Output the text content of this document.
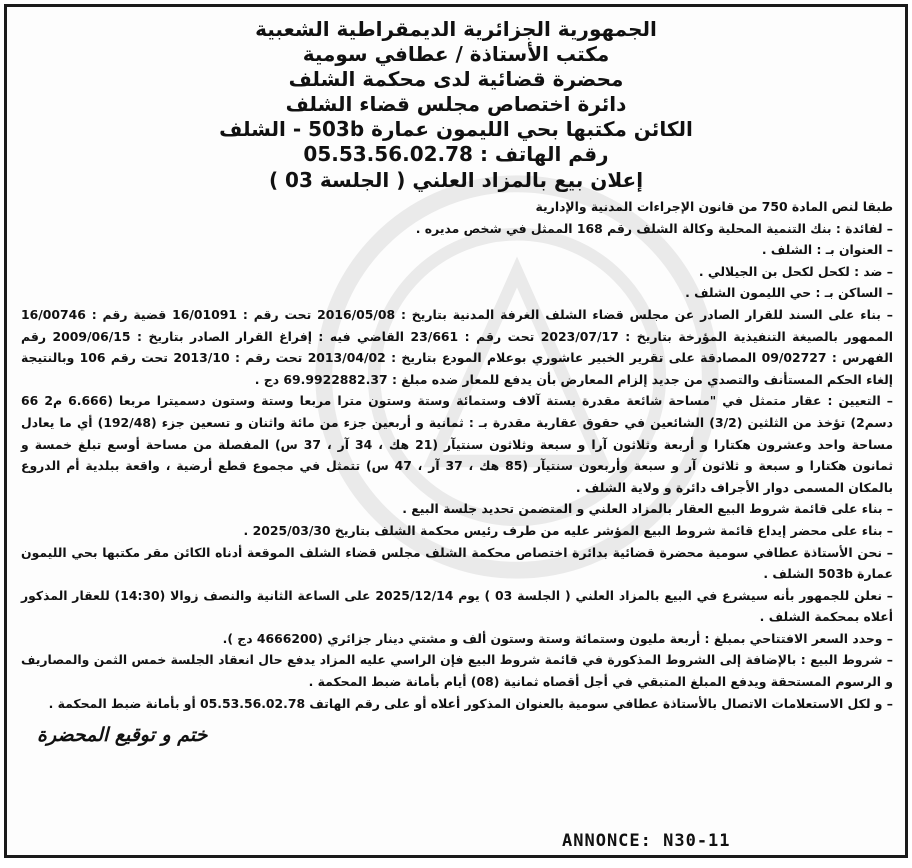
الجمهورية الجزائرية الديمقراطية الشعبية
مكتب الأستاذة / عطافي سومية
محضرة قضائية لدى محكمة الشلف
دائرة اختصاص مجلس قضاء الشلف
الكائن مكتبها بحي الليمون عمارة 503b - الشلف
رقم الهاتف : 05.53.56.02.78
إعلان بيع بالمزاد العلني ( الجلسة 03 )

طبقا لنص المادة 750 من قانون الإجراءات المدنية والإدارية

– لفائدة : بنك التنمية المحلية وكالة الشلف رقم 168 الممثل في شخص مديره .

– العنوان بـ : الشلف .

– ضد : لكحل لكحل بن الجيلالي .

– الساكن بـ : حي الليمون الشلف .

– بناء على السند للقرار الصادر عن مجلس قضاء الشلف الغرفة المدنية بتاريخ : 2016/05/08 تحت رقم : 16/01091 قضية رقم : 16/00746 الممهور بالصيغة التنفيذية المؤرخة بتاريخ : 2023/07/17 تحت رقم : 23/661 القاضي فيه : إفراغ القرار الصادر بتاريخ : 2009/06/15 رقم الفهرس : 09/02727 المصادقة على تقرير الخبير عاشوري بوعلام المودع بتاريخ : 2013/04/02 تحت رقم : 2013/10 تحت رقم 106 وبالنتيجة إلغاء الحكم المستأنف والتصدي من جديد إلزام المعارض بأن يدفع للمعار ضده مبلغ : 69.9922882.37 دج .

– التعيين : عقار متمثل في "مساحة شائعة مقدرة بستة آلاف وستمائة وستة وستون مترا مربعا وستة وستون دسميترا مربعا (6.666 م2 66 دسم2) تؤخذ من الثلثين (3/2) الشائعين في حقوق عقارية مقدرة بـ : ثمانية و أربعين جزء من مائة واثنان و تسعين جزء (192/48) أي ما يعادل مساحة واحد وعشرون هكتارا و أربعة وثلاثون آرا و سبعة وثلاثون سنتيآر (21 هك ، 34 آر ، 37 س) المفصلة من مساحة أوسع تبلغ خمسة و ثمانون هكتارا و سبعة و ثلاثون آر و سبعة وأربعون سنتيآر (85 هك ، 37 آر ، 47 س) تتمثل في مجموع قطع أرضية ، واقعة ببلدية أم الدروع بالمكان المسمى دوار الأجراف دائرة و ولاية الشلف .

– بناء على قائمة شروط البيع العقار بالمزاد العلني و المتضمن تحديد جلسة البيع .

– بناء على محضر إيداع قائمة شروط البيع المؤشر عليه من طرف رئيس محكمة الشلف بتاريخ 2025/03/30 .

– نحن الأستاذة عطافي سومية محضرة قضائية بدائرة اختصاص محكمة الشلف مجلس قضاء الشلف الموقعة أدناه الكائن مقر مكتبها بحي الليمون عمارة 503b الشلف .

– نعلن للجمهور بأنه سيشرع في البيع بالمزاد العلني ( الجلسة 03 ) يوم 2025/12/14 على الساعة الثانية والنصف زوالا (14:30) للعقار المذكور أعلاه بمحكمة الشلف .

– وحدد السعر الافتتاحي بمبلغ : أربعة مليون وستمائة وستة وستون ألف و مشتي دينار جزائري (4666200 دج ).

– شروط البيع : بالإضافة إلى الشروط المذكورة في قائمة شروط البيع فإن الراسي عليه المزاد يدفع حال انعقاد الجلسة خمس الثمن والمصاريف و الرسوم المستحقة ويدفع المبلغ المتبقي في أجل أقصاه ثمانية (08) أيام بأمانة ضبط المحكمة .

– و لكل الاستعلامات الاتصال بالأستاذة عطافي سومية بالعنوان المذكور أعلاه أو على رقم الهاتف 05.53.56.02.78 أو بأمانة ضبط المحكمة .

ختم و توقيع المحضرة
ANNONCE: N30-11
